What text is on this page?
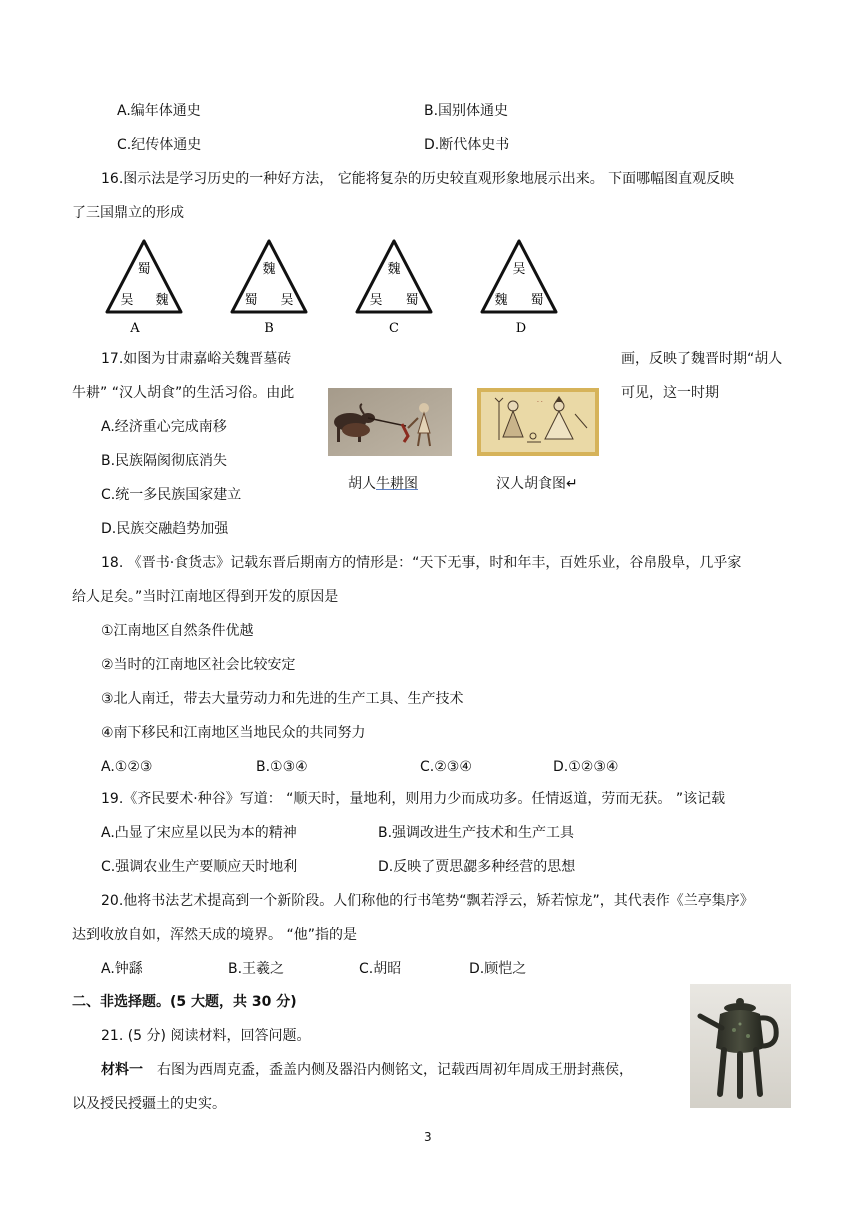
A.编年体通史	B.国别体通史
C.纪传体通史	D.断代体史书
16.图示法是学习历史的一种好方法， 它能将复杂的历史较直观形象地展示出来。 下面哪幅图直观反映
了三国鼎立的形成
蜀
吴 魏
A
魏
蜀 吴
B
魏
吴 蜀
C
吴
魏 蜀
D
17.如图为甘肃嘉峪关魏晋墓砖	画，反映了魏晋时期“胡人
牛耕” “汉人胡食”的生活习俗。由此	可见，这一时期
A.经济重心完成南移
B.民族隔阂彻底消失
C.统一多民族国家建立
D.民族交融趋势加强
· ·
胡人牛耕图	汉人胡食图↵
18. 《晋书·食货志》记载东晋后期南方的情形是：“天下无事，时和年丰，百姓乐业，谷帛殷阜，几乎家
给人足矣。”当时江南地区得到开发的原因是
①江南地区自然条件优越
②当时的江南地区社会比较安定
③北人南迁，带去大量劳动力和先进的生产工具、生产技术
④南下移民和江南地区当地民众的共同努力
A.①②③	B.①③④	C.②③④	D.①②③④
19.《齐民要术·种谷》写道： “顺天时，量地利，则用力少而成功多。任情返道，劳而无获。 ”该记载
A.凸显了宋应星以民为本的精神	B.强调改进生产技术和生产工具
C.强调农业生产要顺应天时地利	D.反映了贾思勰多种经营的思想
20.他将书法艺术提高到一个新阶段。人们称他的行书笔势“飘若浮云，矫若惊龙”，其代表作《兰亭集序》
达到收放自如，浑然天成的境界。 “他”指的是
A.钟繇	B.王羲之	C.胡昭	D.顾恺之
二、非选择题。(5 大题，共 30 分)
21. (5 分) 阅读材料，回答问题。
材料一 右图为西周克盉，盉盖内侧及器沿内侧铭文，记载西周初年周成王册封燕侯，
以及授民授疆土的史实。
3
